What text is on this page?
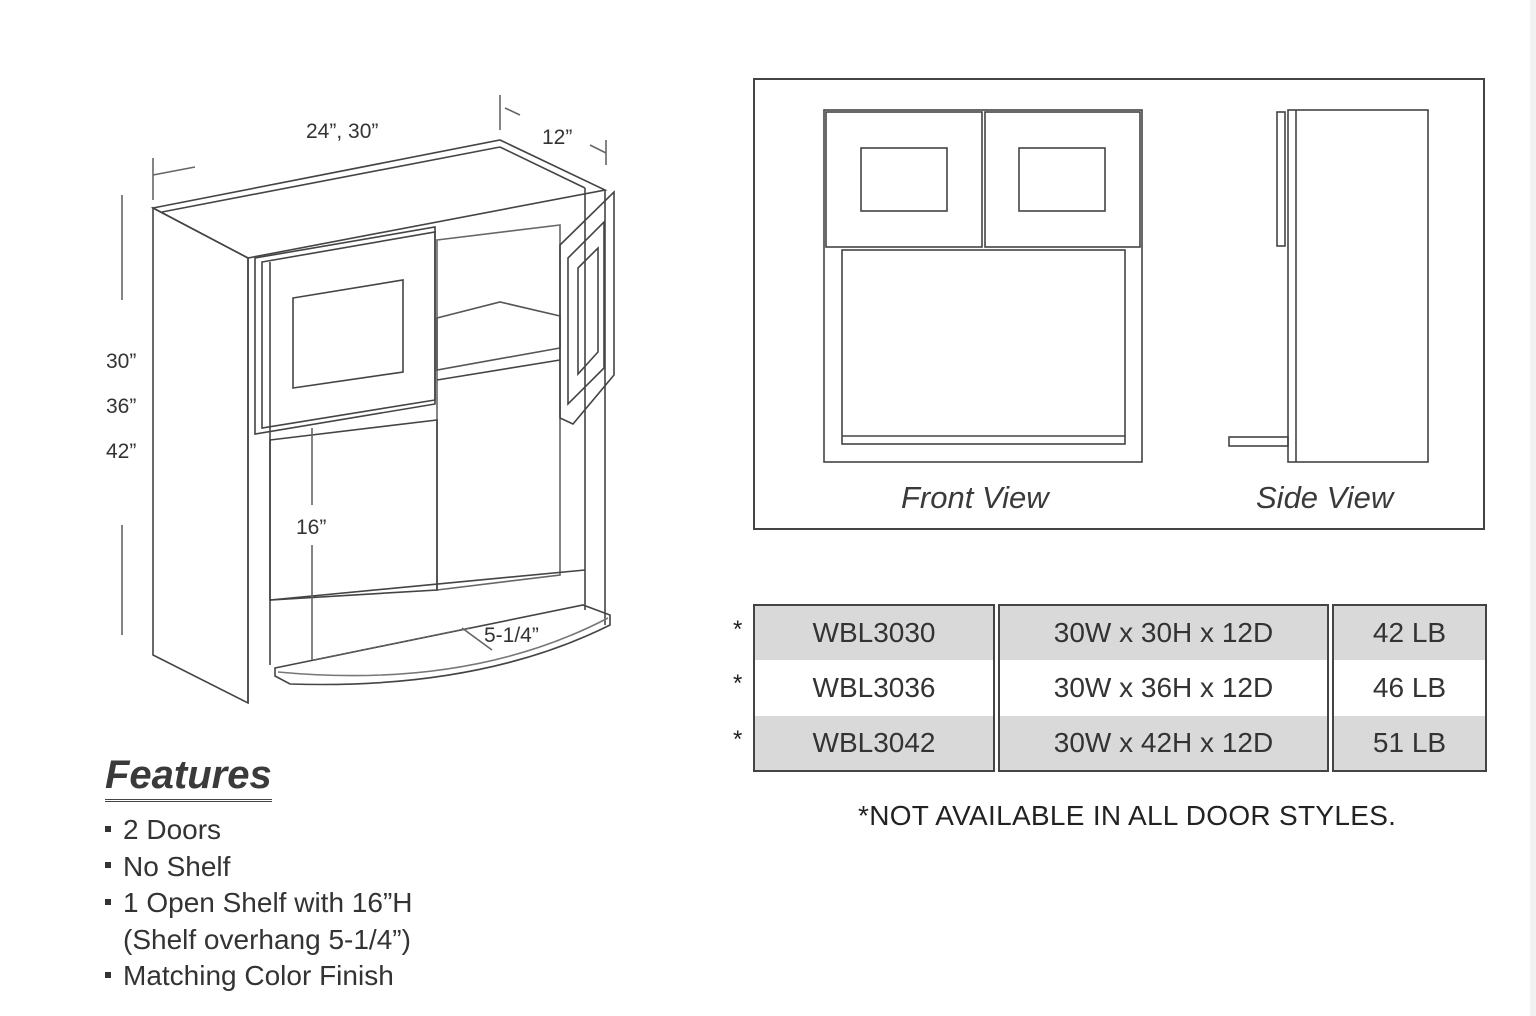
24”, 30”	12”
30”
36”
42”
16”
5-1/4”
Front View	Side View
*	WBL3030	30W x 30H x 12D	42 LB
*	WBL3036	30W x 36H x 12D	46 LB
*	WBL3042	30W x 42H x 12D	51 LB
*NOT AVAILABLE IN ALL DOOR STYLES.
Features
2 Doors
No Shelf
1 Open Shelf with 16”H
(Shelf overhang 5-1/4”)
Matching Color Finish
